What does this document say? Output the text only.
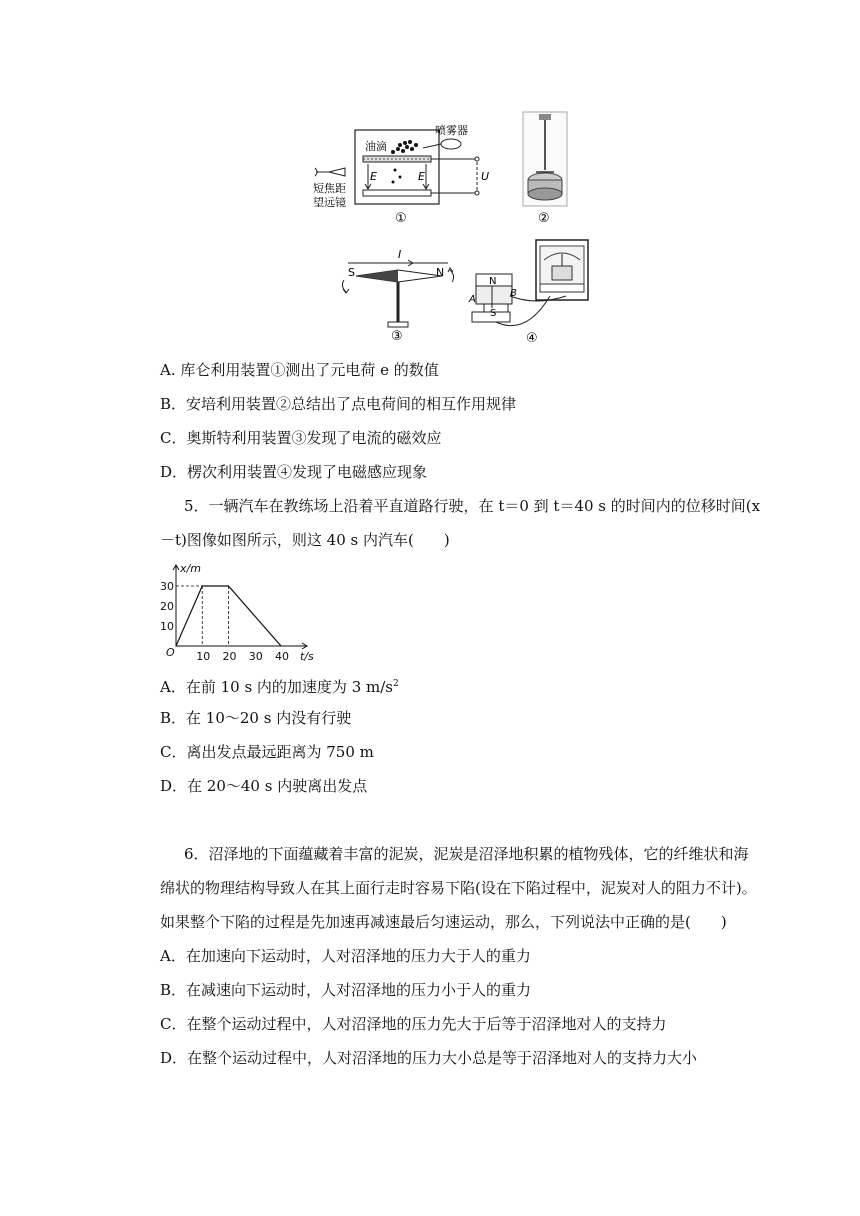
油滴
喷雾器
短焦距
望远镜
E	E	U
①	②
S	N
I
③
N
S
A
B
④
A. 库仑利用装置①测出了元电荷 e 的数值
B．安培利用装置②总结出了点电荷间的相互作用规律
C．奥斯特利用装置③发现了电流的磁效应
D．楞次利用装置④发现了电磁感应现象
5．一辆汽车在教练场上沿着平直道路行驶，在 t＝0 到 t＝40 s 的时间内的位移时间(x
－t)图像如图所示，则这 40 s 内汽车(　　)
10 20 30 40
10
20
30
O	t/s
x/m
A．在前 10 s 内的加速度为 3 $m/s^2$
B．在 10～20 s 内没有行驶
C．离出发点最远距离为 750 m
D．在 20～40 s 内驶离出发点
6．沼泽地的下面蕴藏着丰富的泥炭，泥炭是沼泽地积累的植物残体，它的纤维状和海
绵状的物理结构导致人在其上面行走时容易下陷(设在下陷过程中，泥炭对人的阻力不计)。
如果整个下陷的过程是先加速再减速最后匀速运动，那么，下列说法中正确的是(　　)
A．在加速向下运动时，人对沼泽地的压力大于人的重力
B．在减速向下运动时，人对沼泽地的压力小于人的重力
C．在整个运动过程中，人对沼泽地的压力先大于后等于沼泽地对人的支持力
D．在整个运动过程中，人对沼泽地的压力大小总是等于沼泽地对人的支持力大小
